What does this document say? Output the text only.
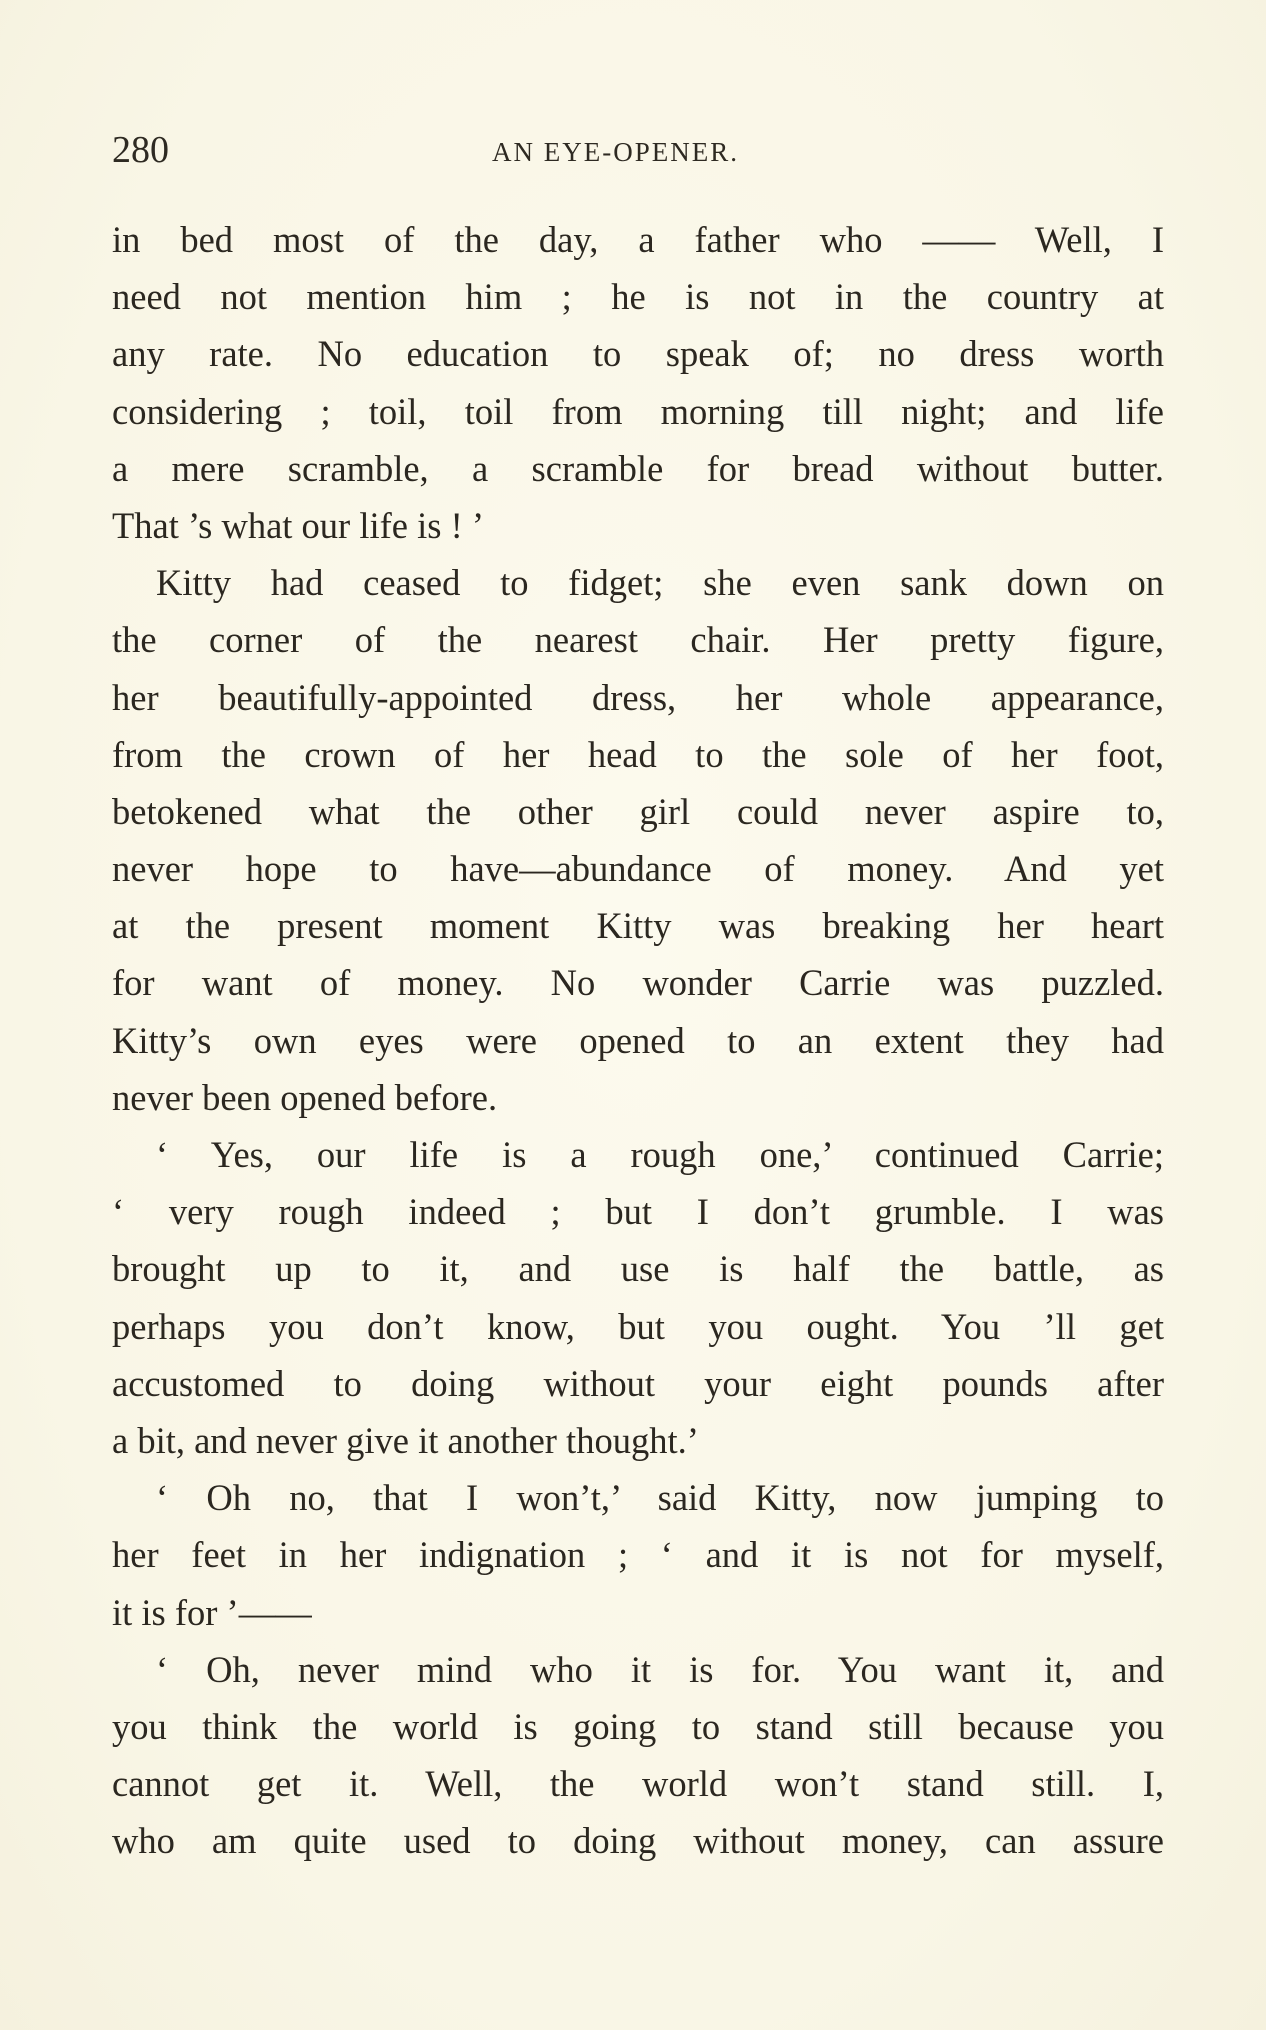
280	AN EYE-OPENER.
in bed most of the day, a father who —— Well, I
need not mention him ; he is not in the country at
any rate. No education to speak of; no dress worth
considering ; toil, toil from morning till night; and life
a mere scramble, a scramble for bread without butter.
That ’s what our life is ! ’
Kitty had ceased to fidget; she even sank down on
the corner of the nearest chair. Her pretty figure,
her beautifully-appointed dress, her whole appearance,
from the crown of her head to the sole of her foot,
betokened what the other girl could never aspire to,
never hope to have—abundance of money. And yet
at the present moment Kitty was breaking her heart
for want of money. No wonder Carrie was puzzled.
Kitty’s own eyes were opened to an extent they had
never been opened before.
‘ Yes, our life is a rough one,’ continued Carrie;
‘ very rough indeed ; but I don’t grumble. I was
brought up to it, and use is half the battle, as
perhaps you don’t know, but you ought. You ’ll get
accustomed to doing without your eight pounds after
a bit, and never give it another thought.’
‘ Oh no, that I won’t,’ said Kitty, now jumping to
her feet in her indignation ; ‘ and it is not for myself,
it is for ’——
‘ Oh, never mind who it is for. You want it, and
you think the world is going to stand still because you
cannot get it. Well, the world won’t stand still. I,
who am quite used to doing without money, can assure
